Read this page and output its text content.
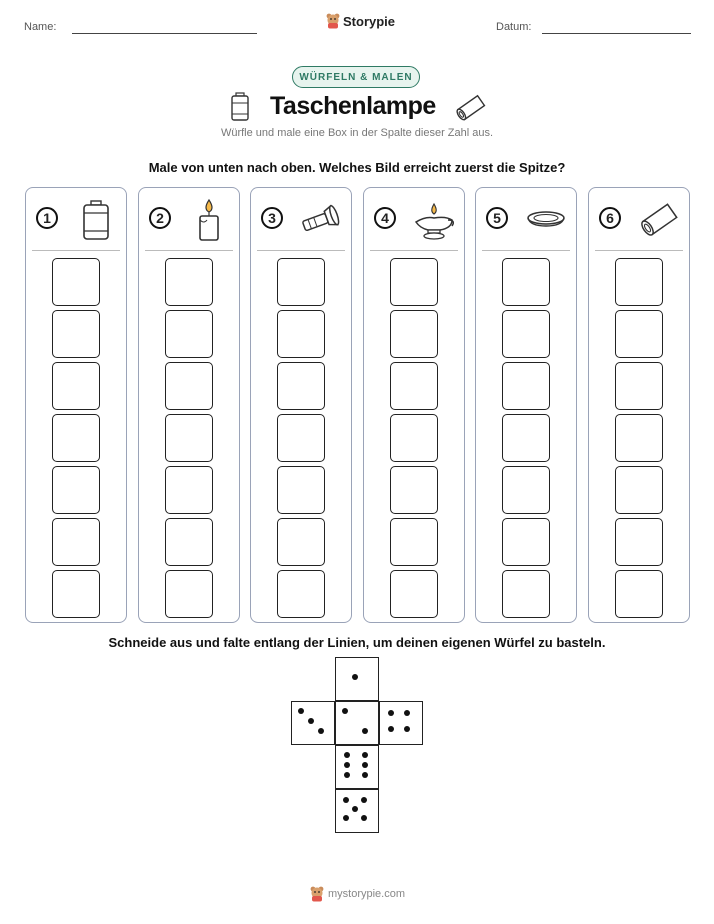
Name:	Storypie	Datum:
WÜRFELN & MALEN
Taschenlampe
Würfle und male eine Box in der Spalte dieser Zahl aus.
Male von unten nach oben. Welches Bild erreicht zuerst die Spitze?
1	2	3	4	5	6
Schneide aus und falte entlang der Linien, um deinen eigenen Würfel zu basteln.
mystorypie.com
